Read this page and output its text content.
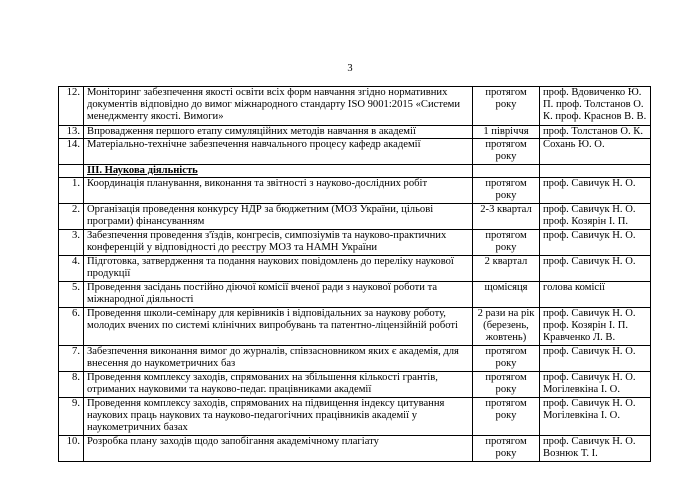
3
12.	Моніторинг забезпечення якості освіти всіх форм навчання згідно нормативних документів відповідно до вимог міжнародного стандарту ISO 9001:2015 «Системи менеджменту якості. Вимоги»	протягом року	проф. Вдовиченко Ю. П. проф. Толстанов О. К. проф. Краснов В. В.
13.	Впровадження першого етапу симуляційних методів навчання в академії	1 півріччя	проф. Толстанов О. К.
14.	Матеріально-технічне забезпечення навчального процесу кафедр академії	протягом року	Сохань Ю. О.
	ІІІ. Наукова діяльність		
1.	Координація планування, виконання та звітності з науково-дослідних робіт	протягом року	проф. Савичук Н. О.
2.	Організація проведення конкурсу НДР за бюджетним (МОЗ України, цільові програми) фінансуванням	2-3 квартал	проф. Савичук Н. О. проф. Козярін І. П.
3.	Забезпечення проведення з'їздів, конгресів, симпозіумів та науково-практичних конференцій у відповідності до реєстру МОЗ та НАМН України	протягом року	проф. Савичук Н. О.
4.	Підготовка, затвердження та подання наукових повідомлень до переліку наукової продукції	2 квартал	проф. Савичук Н. О.
5.	Проведення засідань постійно діючої комісії вченої ради з наукової роботи та міжнародної діяльності	щомісяця	голова комісії
6.	Проведення школи-семінару для керівників і відповідальних за наукову роботу, молодих вчених по системі клінічних випробувань та патентно-ліцензійній роботі	2 рази на рік (березень, жовтень)	проф. Савичук Н. О. проф. Козярін І. П. Кравченко Л. В.
7.	Забезпечення виконання вимог до журналів, співзасновником яких є академія, для внесення до наукометричних баз	протягом року	проф. Савичук Н. О.
8.	Проведення комплексу заходів, спрямованих на збільшення кількості грантів, отриманих науковими та науково-педаг. працівниками академії	протягом року	проф. Савичук Н. О. Могілевкіна І. О.
9.	Проведення комплексу заходів, спрямованих на підвищення індексу цитування наукових праць наукових та науково-педагогічних працівників академії у наукометричних базах	протягом року	проф. Савичук Н. О. Могілевкіна І. О.
10.	Розробка плану заходів щодо запобігання академічному плагіату	протягом року	проф. Савичук Н. О. Вознюк Т. І.
